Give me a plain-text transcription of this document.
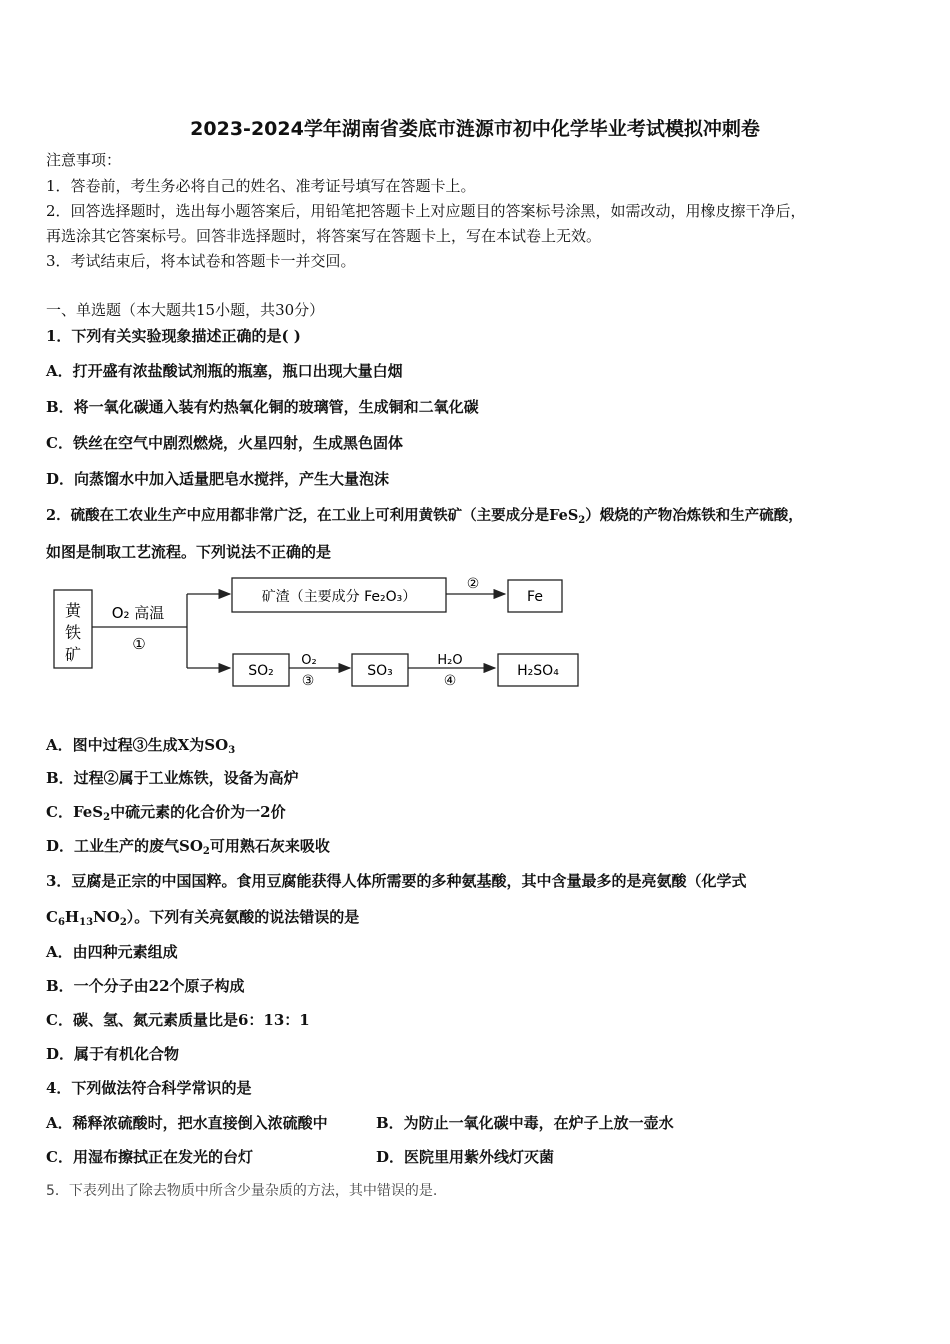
2023-2024学年湖南省娄底市涟源市初中化学毕业考试模拟冲刺卷
注意事项：
1．答卷前，考生务必将自己的姓名、准考证号填写在答题卡上。
2．回答选择题时，选出每小题答案后，用铅笔把答题卡上对应题目的答案标号涂黑，如需改动，用橡皮擦干净后，
再选涂其它答案标号。回答非选择题时，将答案写在答题卡上，写在本试卷上无效。
3．考试结束后，将本试卷和答题卡一并交回。
一、单选题（本大题共15小题，共30分）
1．下列有关实验现象描述正确的是( )
A．打开盛有浓盐酸试剂瓶的瓶塞，瓶口出现大量白烟
B．将一氧化碳通入装有灼热氧化铜的玻璃管，生成铜和二氧化碳
C．铁丝在空气中剧烈燃烧，火星四射，生成黑色固体
D．向蒸馏水中加入适量肥皂水搅拌，产生大量泡沫
2．硫酸在工农业生产中应用都非常广泛，在工业上可利用黄铁矿（主要成分是FeS$_2$）煅烧的产物冶炼铁和生产硫酸，
如图是制取工艺流程。下列说法不正确的是
黄
铁
矿
O₂ 高温
①
矿渣（主要成分 Fe₂O₃）
②
Fe
SO₂
O₂
③
SO₃
H₂O
④
H₂SO₄
A．图中过程③生成X为$SO_3$
B．过程②属于工业炼铁，设备为高炉
C．FeS$_2$中硫元素的化合价为一2价
D．工业生产的废气$SO_2$可用熟石灰来吸收
3．豆腐是正宗的中国国粹。食用豆腐能获得人体所需要的多种氨基酸，其中含量最多的是亮氨酸（化学式
$C_6H_{13}NO_2$）。下列有关亮氨酸的说法错误的是
A．由四种元素组成
B．一个分子由22个原子构成
C．碳、氢、氮元素质量比是6：13：1
D．属于有机化合物
4．下列做法符合科学常识的是
A．稀释浓硫酸时，把水直接倒入浓硫酸中	B．为防止一氧化碳中毒，在炉子上放一壶水
C．用湿布擦拭正在发光的台灯	D．医院里用紫外线灯灭菌
5．下表列出了除去物质中所含少量杂质的方法，其中错误的是.
